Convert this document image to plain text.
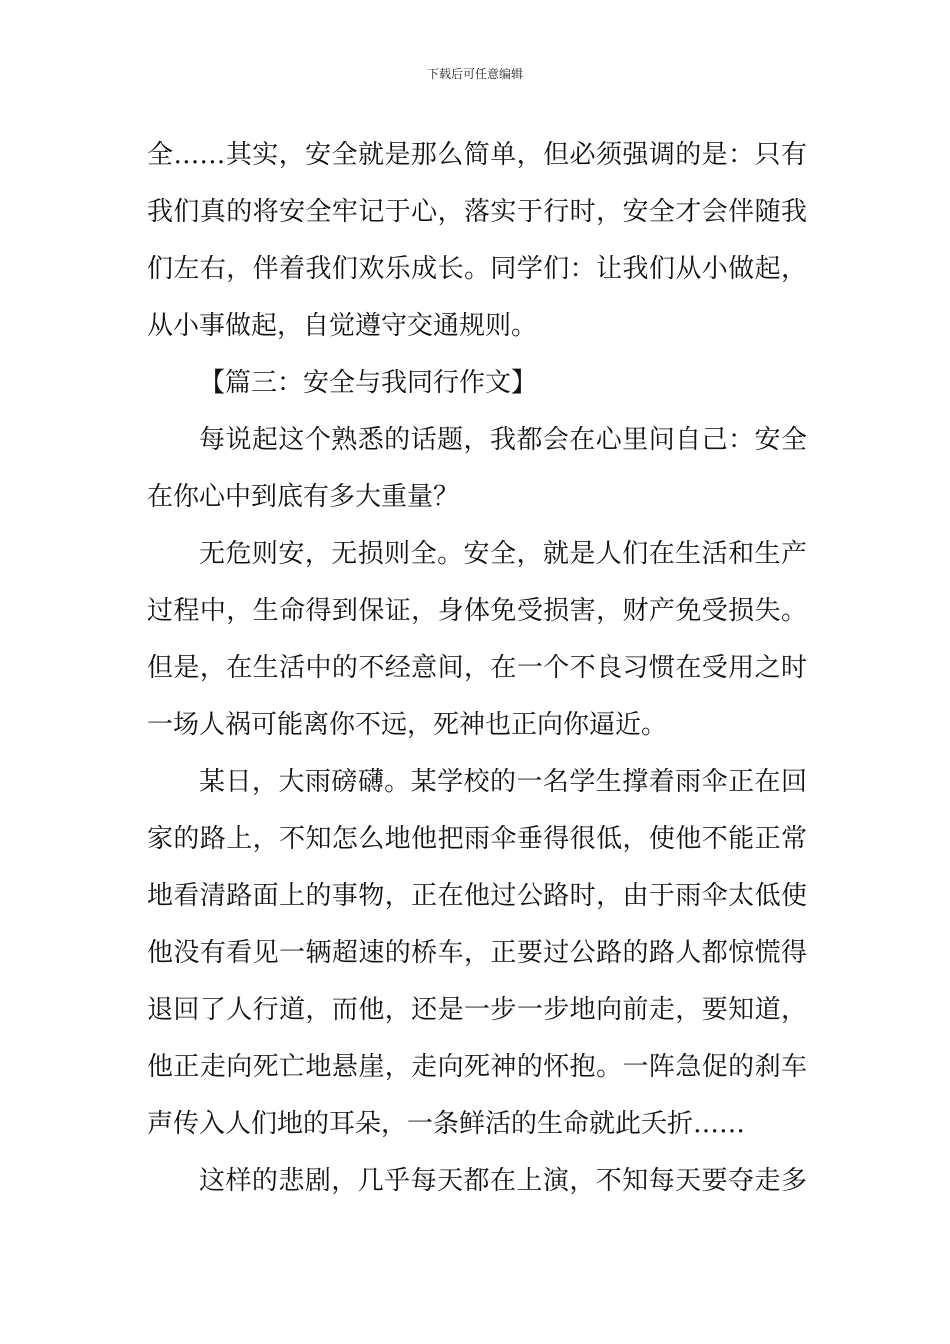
下载后可任意编辑
全……其实，安全就是那么简单，但必须强调的是：只有
我们真的将安全牢记于心，落实于行时，安全才会伴随我
们左右，伴着我们欢乐成长。同学们：让我们从小做起，
从小事做起，自觉遵守交通规则。
【篇三：安全与我同行作文】
每说起这个熟悉的话题，我都会在心里问自己：安全
在你心中到底有多大重量？
无危则安，无损则全。安全，就是人们在生活和生产
过程中，生命得到保证，身体免受损害，财产免受损失。
但是，在生活中的不经意间，在一个不良习惯在受用之时
一场人祸可能离你不远，死神也正向你逼近。
某日，大雨磅礴。某学校的一名学生撑着雨伞正在回
家的路上，不知怎么地他把雨伞垂得很低，使他不能正常
地看清路面上的事物，正在他过公路时，由于雨伞太低使
他没有看见一辆超速的桥车，正要过公路的路人都惊慌得
退回了人行道，而他，还是一步一步地向前走，要知道，
他正走向死亡地悬崖，走向死神的怀抱。一阵急促的刹车
声传入人们地的耳朵，一条鲜活的生命就此夭折……
这样的悲剧，几乎每天都在上演，不知每天要夺走多
